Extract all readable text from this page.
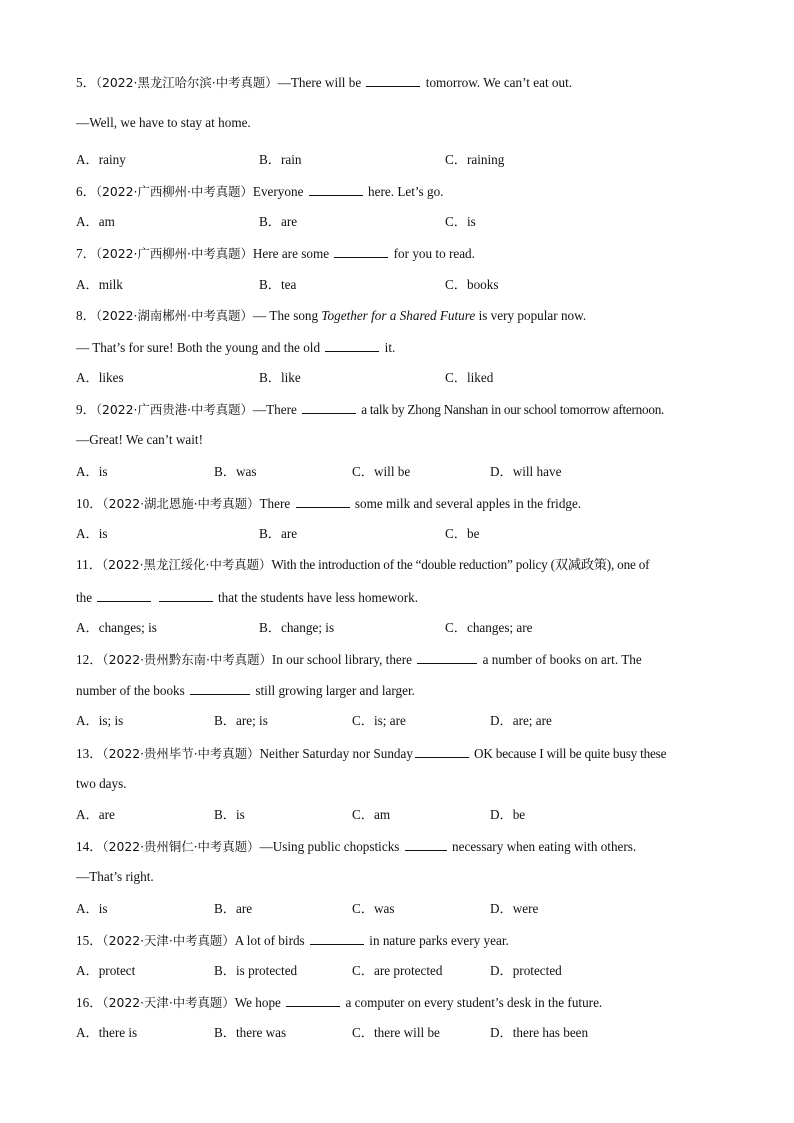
5．（2022·黑龙江哈尔滨·中考真题）—There will be	tomorrow. We can’t eat out.
—Well, we have to stay at home.
A．rainy	B．rain	C．raining
6．（2022·广西柳州·中考真题）Everyone	here. Let’s go.
A．am	B．are	C．is
7．（2022·广西柳州·中考真题）Here are some	for you to read.
A．milk	B．tea	C．books
8．（2022·湖南郴州·中考真题）— The song Together for a Shared Future is very popular now.
— That’s for sure! Both the young and the old	it.
A．likes	B．like	C．liked
9．（2022·广西贵港·中考真题）—There	a talk by Zhong Nanshan in our school tomorrow afternoon.
—Great! We can’t wait!
A．is	B．was	C．will be	D．will have
10．（2022·湖北恩施·中考真题）There	some milk and several apples in the fridge.
A．is	B．are	C．be
11．（2022·黑龙江绥化·中考真题）With the introduction of the “double reduction” policy (双减政策), one of
the	that the students have less homework.
A．changes; is	B．change; is	C．changes; are
12．（2022·贵州黔东南·中考真题）In our school library, there	a number of books on art. The
number of the books	still growing larger and larger.
A．is; is	B．are; is	C．is; are	D．are; are
13．（2022·贵州毕节·中考真题）Neither Saturday nor Sunday	OK because I will be quite busy these
two days.
A．are	B．is	C．am	D．be
14．（2022·贵州铜仁·中考真题）—Using public chopsticks	necessary when eating with others.
—That’s right.
A．is	B．are	C．was	D．were
15．（2022·天津·中考真题）A lot of birds	in nature parks every year.
A．protect	B．is protected	C．are protected	D．protected
16．（2022·天津·中考真题）We hope	a computer on every student’s desk in the future.
A．there is	B．there was	C．there will be	D．there has been
